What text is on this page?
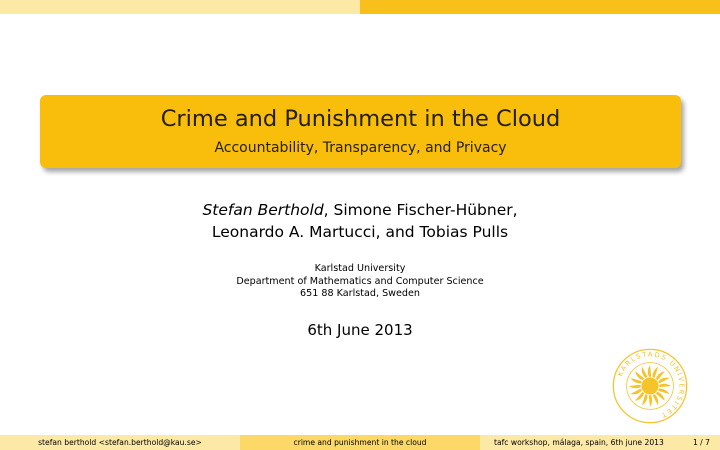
Crime and Punishment in the Cloud
Accountability, Transparency, and Privacy
Stefan Berthold, Simone Fischer-Hübner,
Leonardo A. Martucci, and Tobias Pulls
Karlstad University
Department of Mathematics and Computer Science
651 88 Karlstad, Sweden
6th June 2013
KARLSTADS UNIVERSITET
stefan berthold <stefan.berthold@kau.se>	crime and punishment in the cloud	tafc workshop, málaga, spain, 6th june 2013	1 / 7
